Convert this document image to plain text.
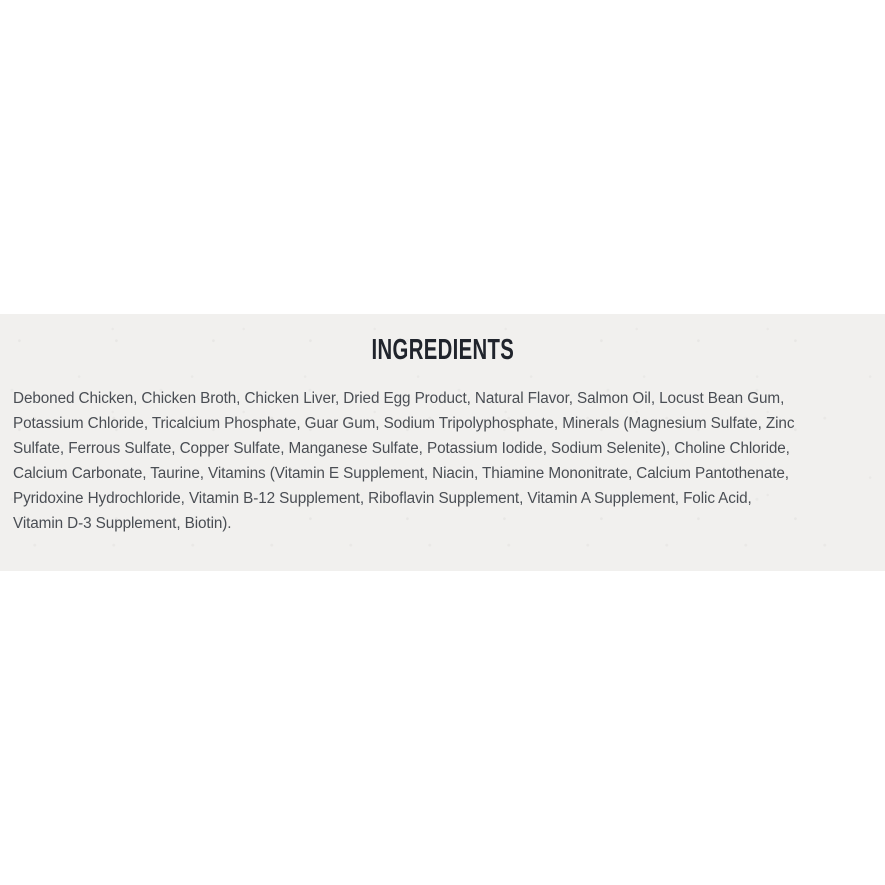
INGREDIENTS
Deboned Chicken, Chicken Broth, Chicken Liver, Dried Egg Product, Natural Flavor, Salmon Oil, Locust Bean Gum,
Potassium Chloride, Tricalcium Phosphate, Guar Gum, Sodium Tripolyphosphate, Minerals (Magnesium Sulfate, Zinc
Sulfate, Ferrous Sulfate, Copper Sulfate, Manganese Sulfate, Potassium Iodide, Sodium Selenite), Choline Chloride,
Calcium Carbonate, Taurine, Vitamins (Vitamin E Supplement, Niacin, Thiamine Mononitrate, Calcium Pantothenate,
Pyridoxine Hydrochloride, Vitamin B-12 Supplement, Riboflavin Supplement, Vitamin A Supplement, Folic Acid,
Vitamin D-3 Supplement, Biotin).
